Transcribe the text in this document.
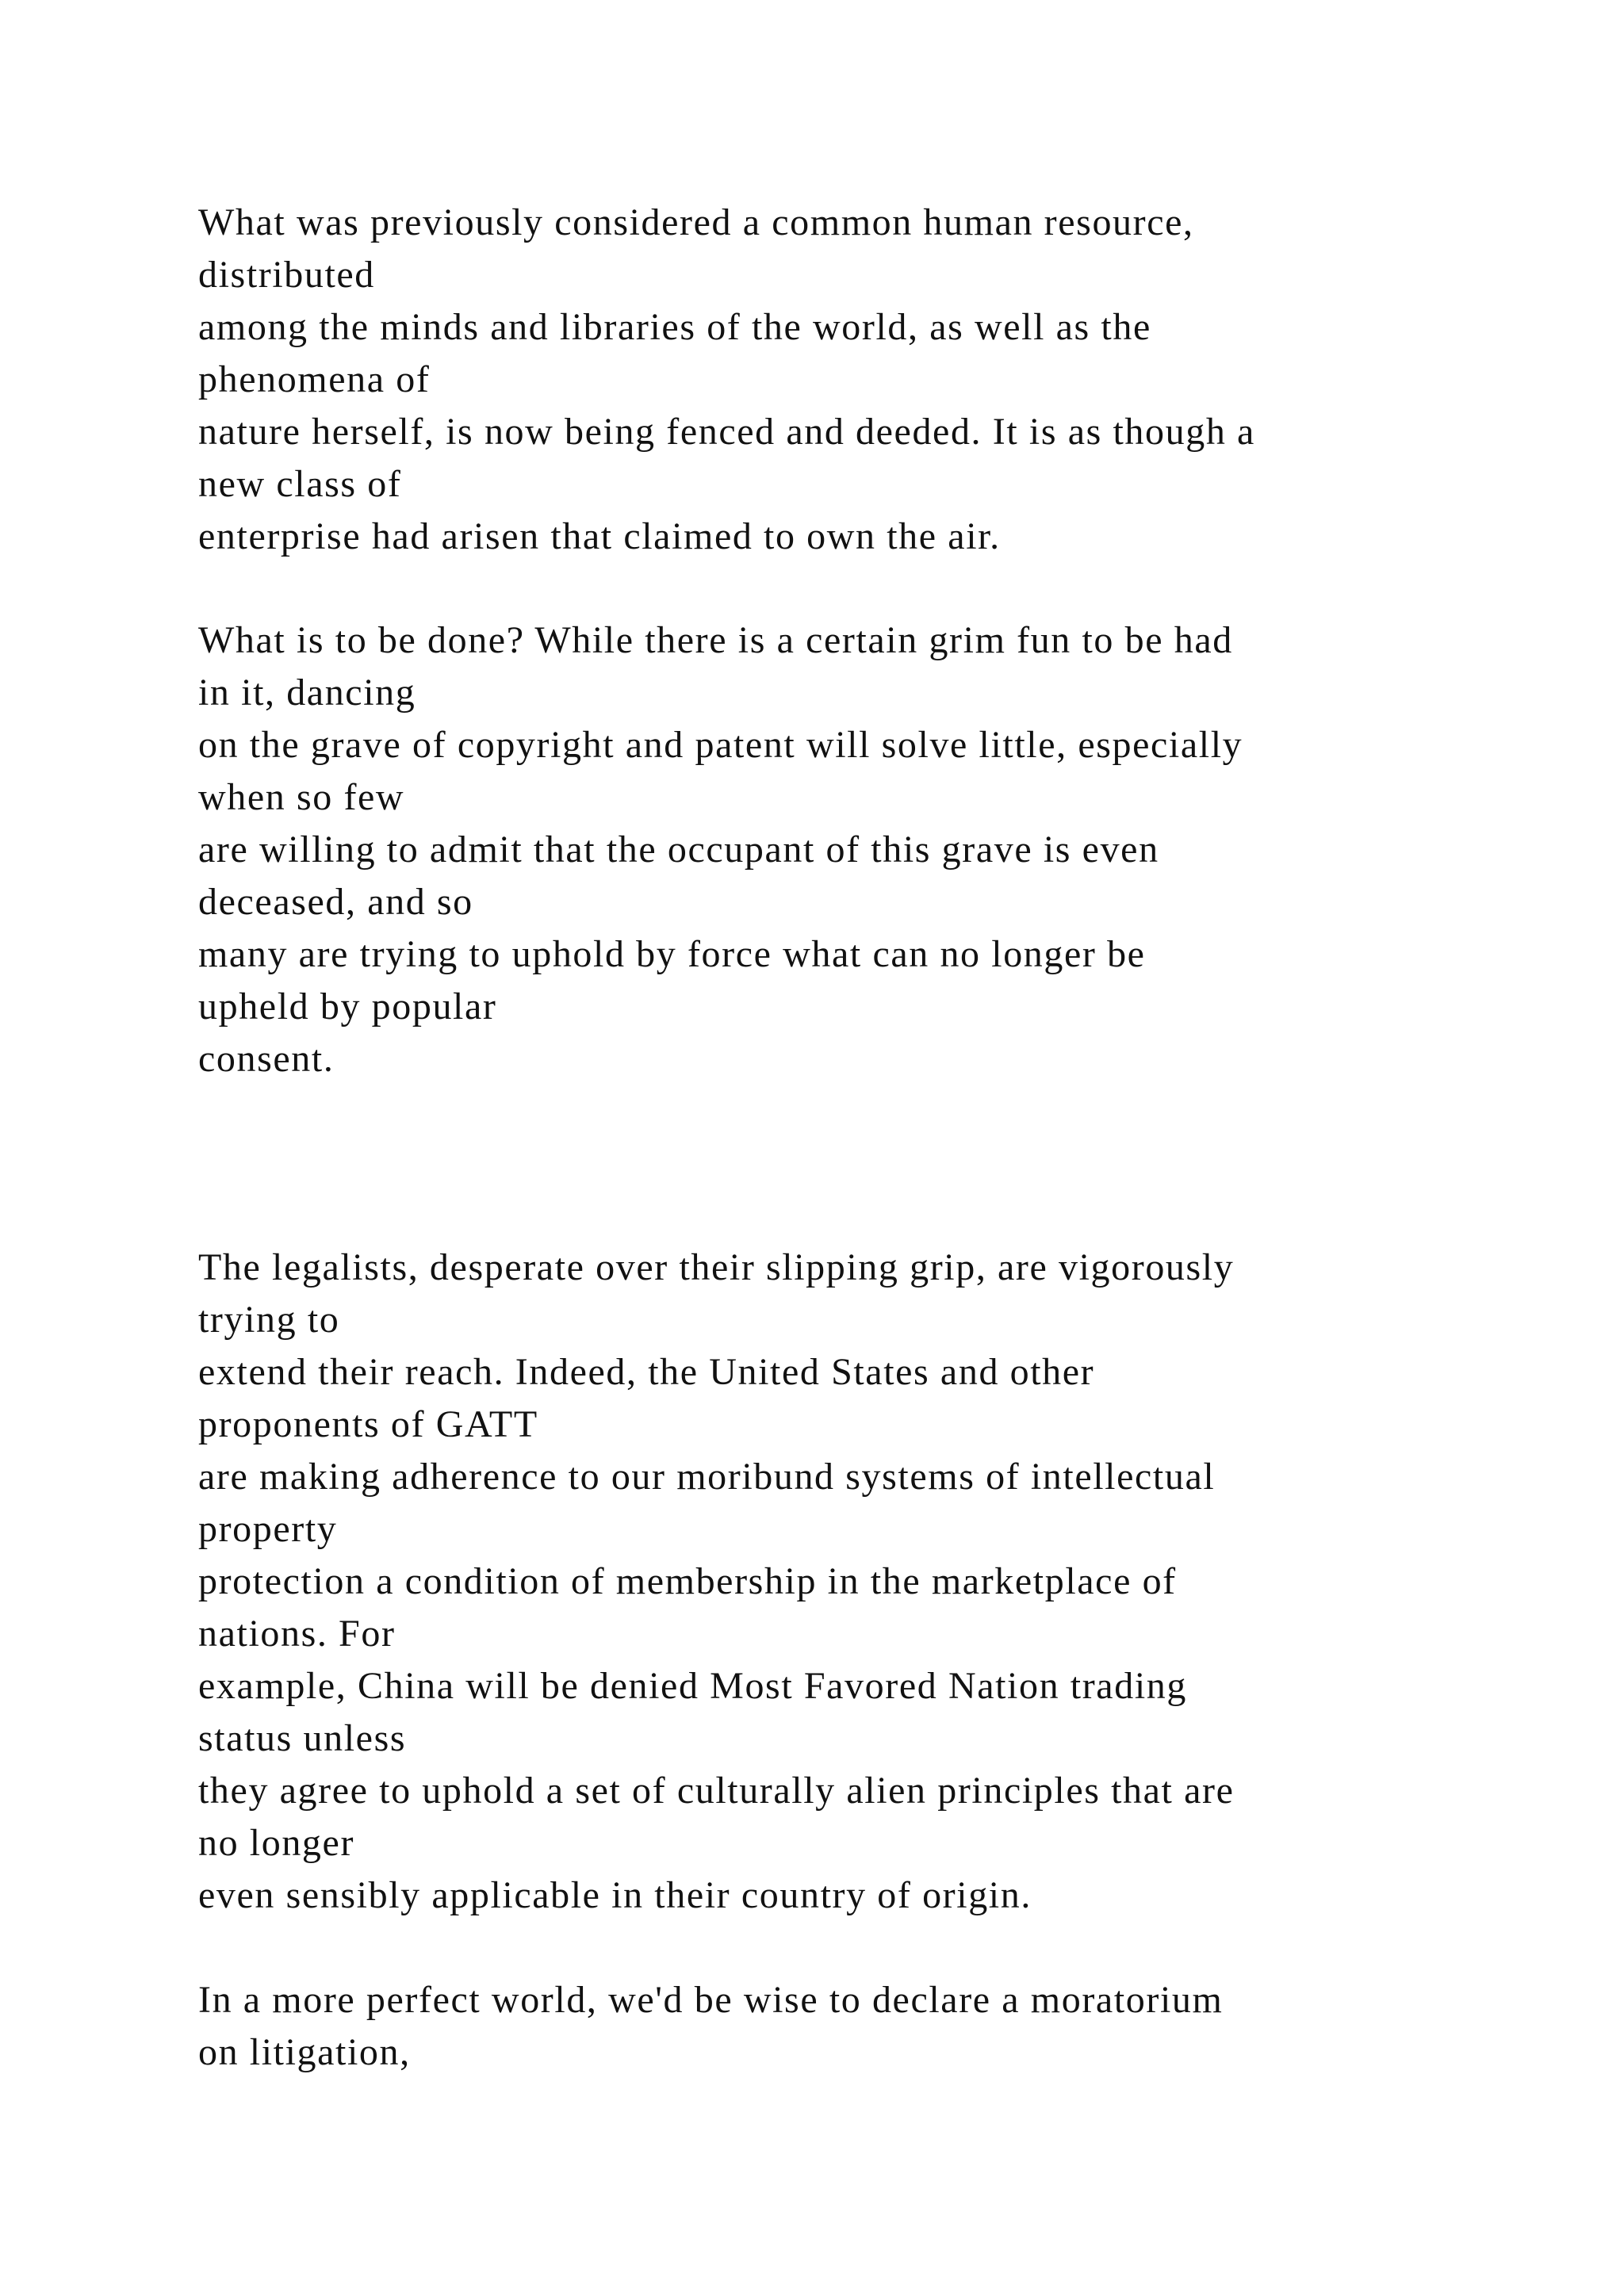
What was previously considered a common human resource,
distributed
among the minds and libraries of the world, as well as the
phenomena of
nature herself, is now being fenced and deeded. It is as though a
new class of
enterprise had arisen that claimed to own the air.

What is to be done? While there is a certain grim fun to be had
in it, dancing
on the grave of copyright and patent will solve little, especially
when so few
are willing to admit that the occupant of this grave is even
deceased, and so
many are trying to uphold by force what can no longer be
upheld by popular
consent.

The legalists, desperate over their slipping grip, are vigorously
trying to
extend their reach. Indeed, the United States and other
proponents of GATT
are making adherence to our moribund systems of intellectual
property
protection a condition of membership in the marketplace of
nations. For
example, China will be denied Most Favored Nation trading
status unless
they agree to uphold a set of culturally alien principles that are
no longer
even sensibly applicable in their country of origin.

In a more perfect world, we'd be wise to declare a moratorium
on litigation,
